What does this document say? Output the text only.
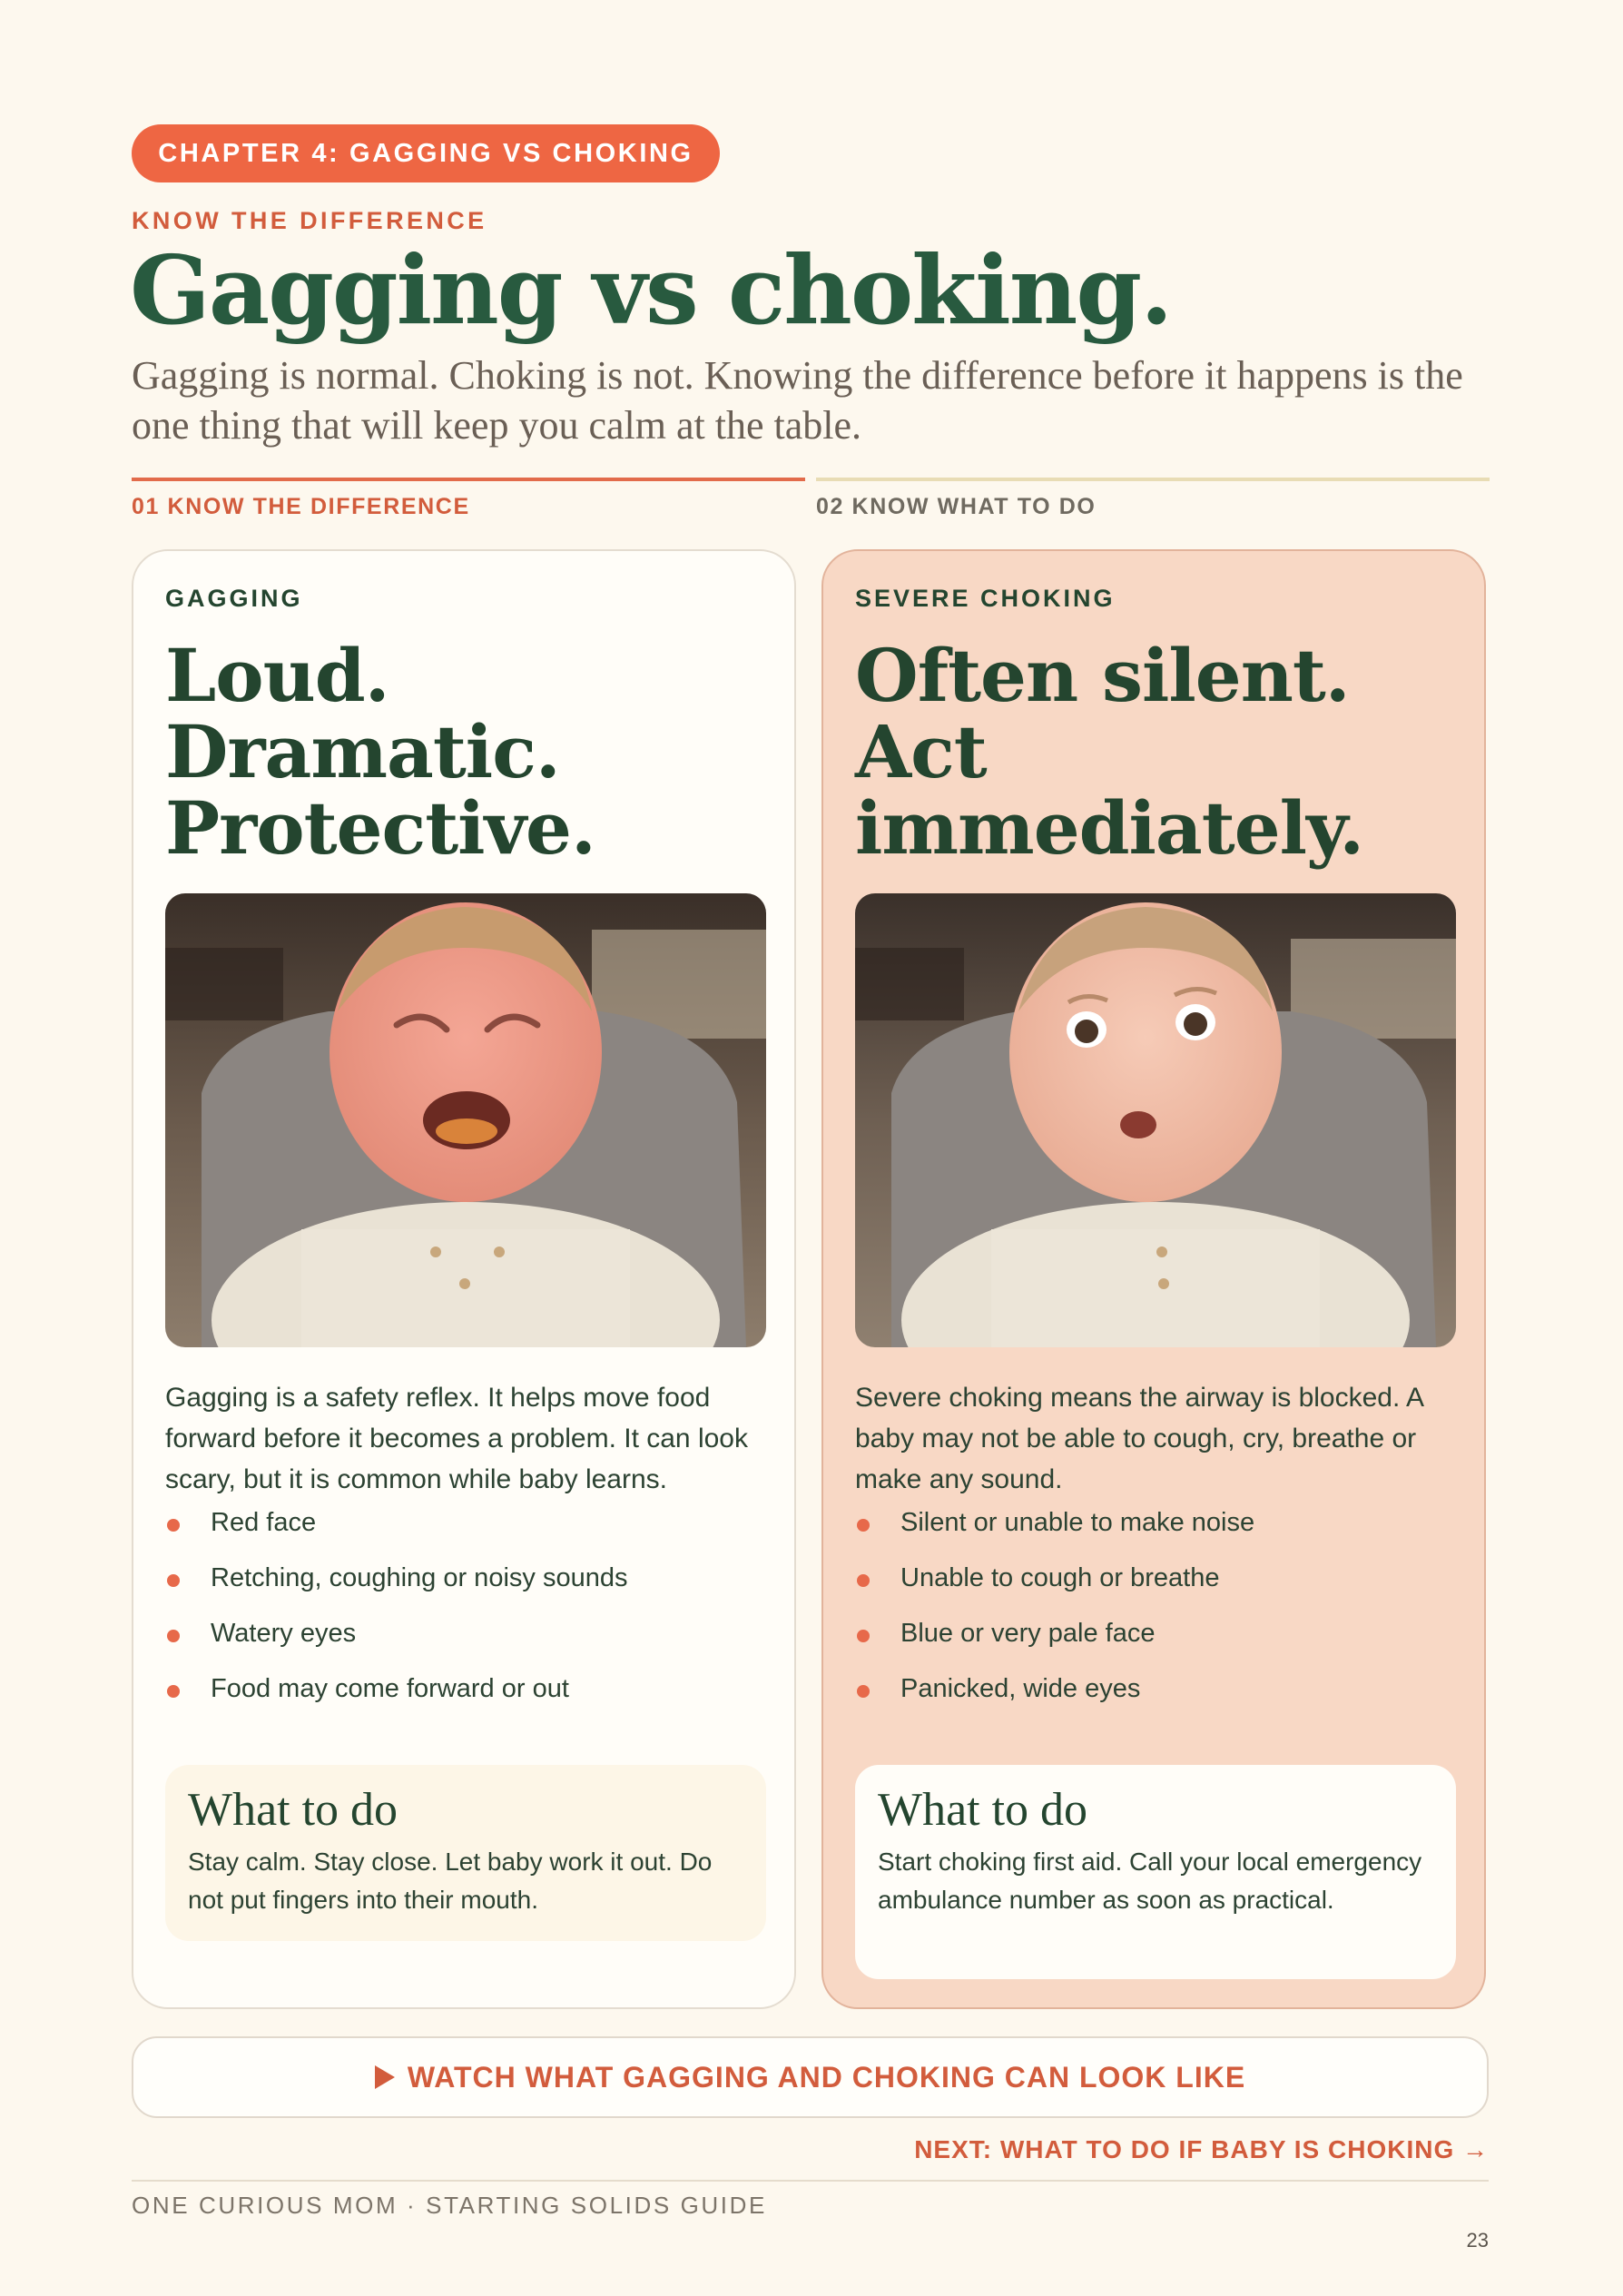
CHAPTER 4: GAGGING VS CHOKING
KNOW THE DIFFERENCE
Gagging vs choking.
Gagging is normal. Choking is not. Knowing the difference before it happens is the one thing that will keep you calm at the table.
01 KNOW THE DIFFERENCE	02 KNOW WHAT TO DO
GAGGING
Loud.
Dramatic.
Protective.
Gagging is a safety reflex. It helps move food forward before it becomes a problem. It can look scary, but it is common while baby learns.
Red face
Retching, coughing or noisy sounds
Watery eyes
Food may come forward or out
What to do
Stay calm. Stay close. Let baby work it out. Do not put fingers into their mouth.
SEVERE CHOKING
Often silent.
Act
immediately.
Severe choking means the airway is blocked. A baby may not be able to cough, cry, breathe or make any sound.
Silent or unable to make noise
Unable to cough or breathe
Blue or very pale face
Panicked, wide eyes
What to do
Start choking first aid. Call your local emergency ambulance number as soon as practical.
WATCH WHAT GAGGING AND CHOKING CAN LOOK LIKE
NEXT: WHAT TO DO IF BABY IS CHOKING →
ONE CURIOUS MOM · STARTING SOLIDS GUIDE
23
